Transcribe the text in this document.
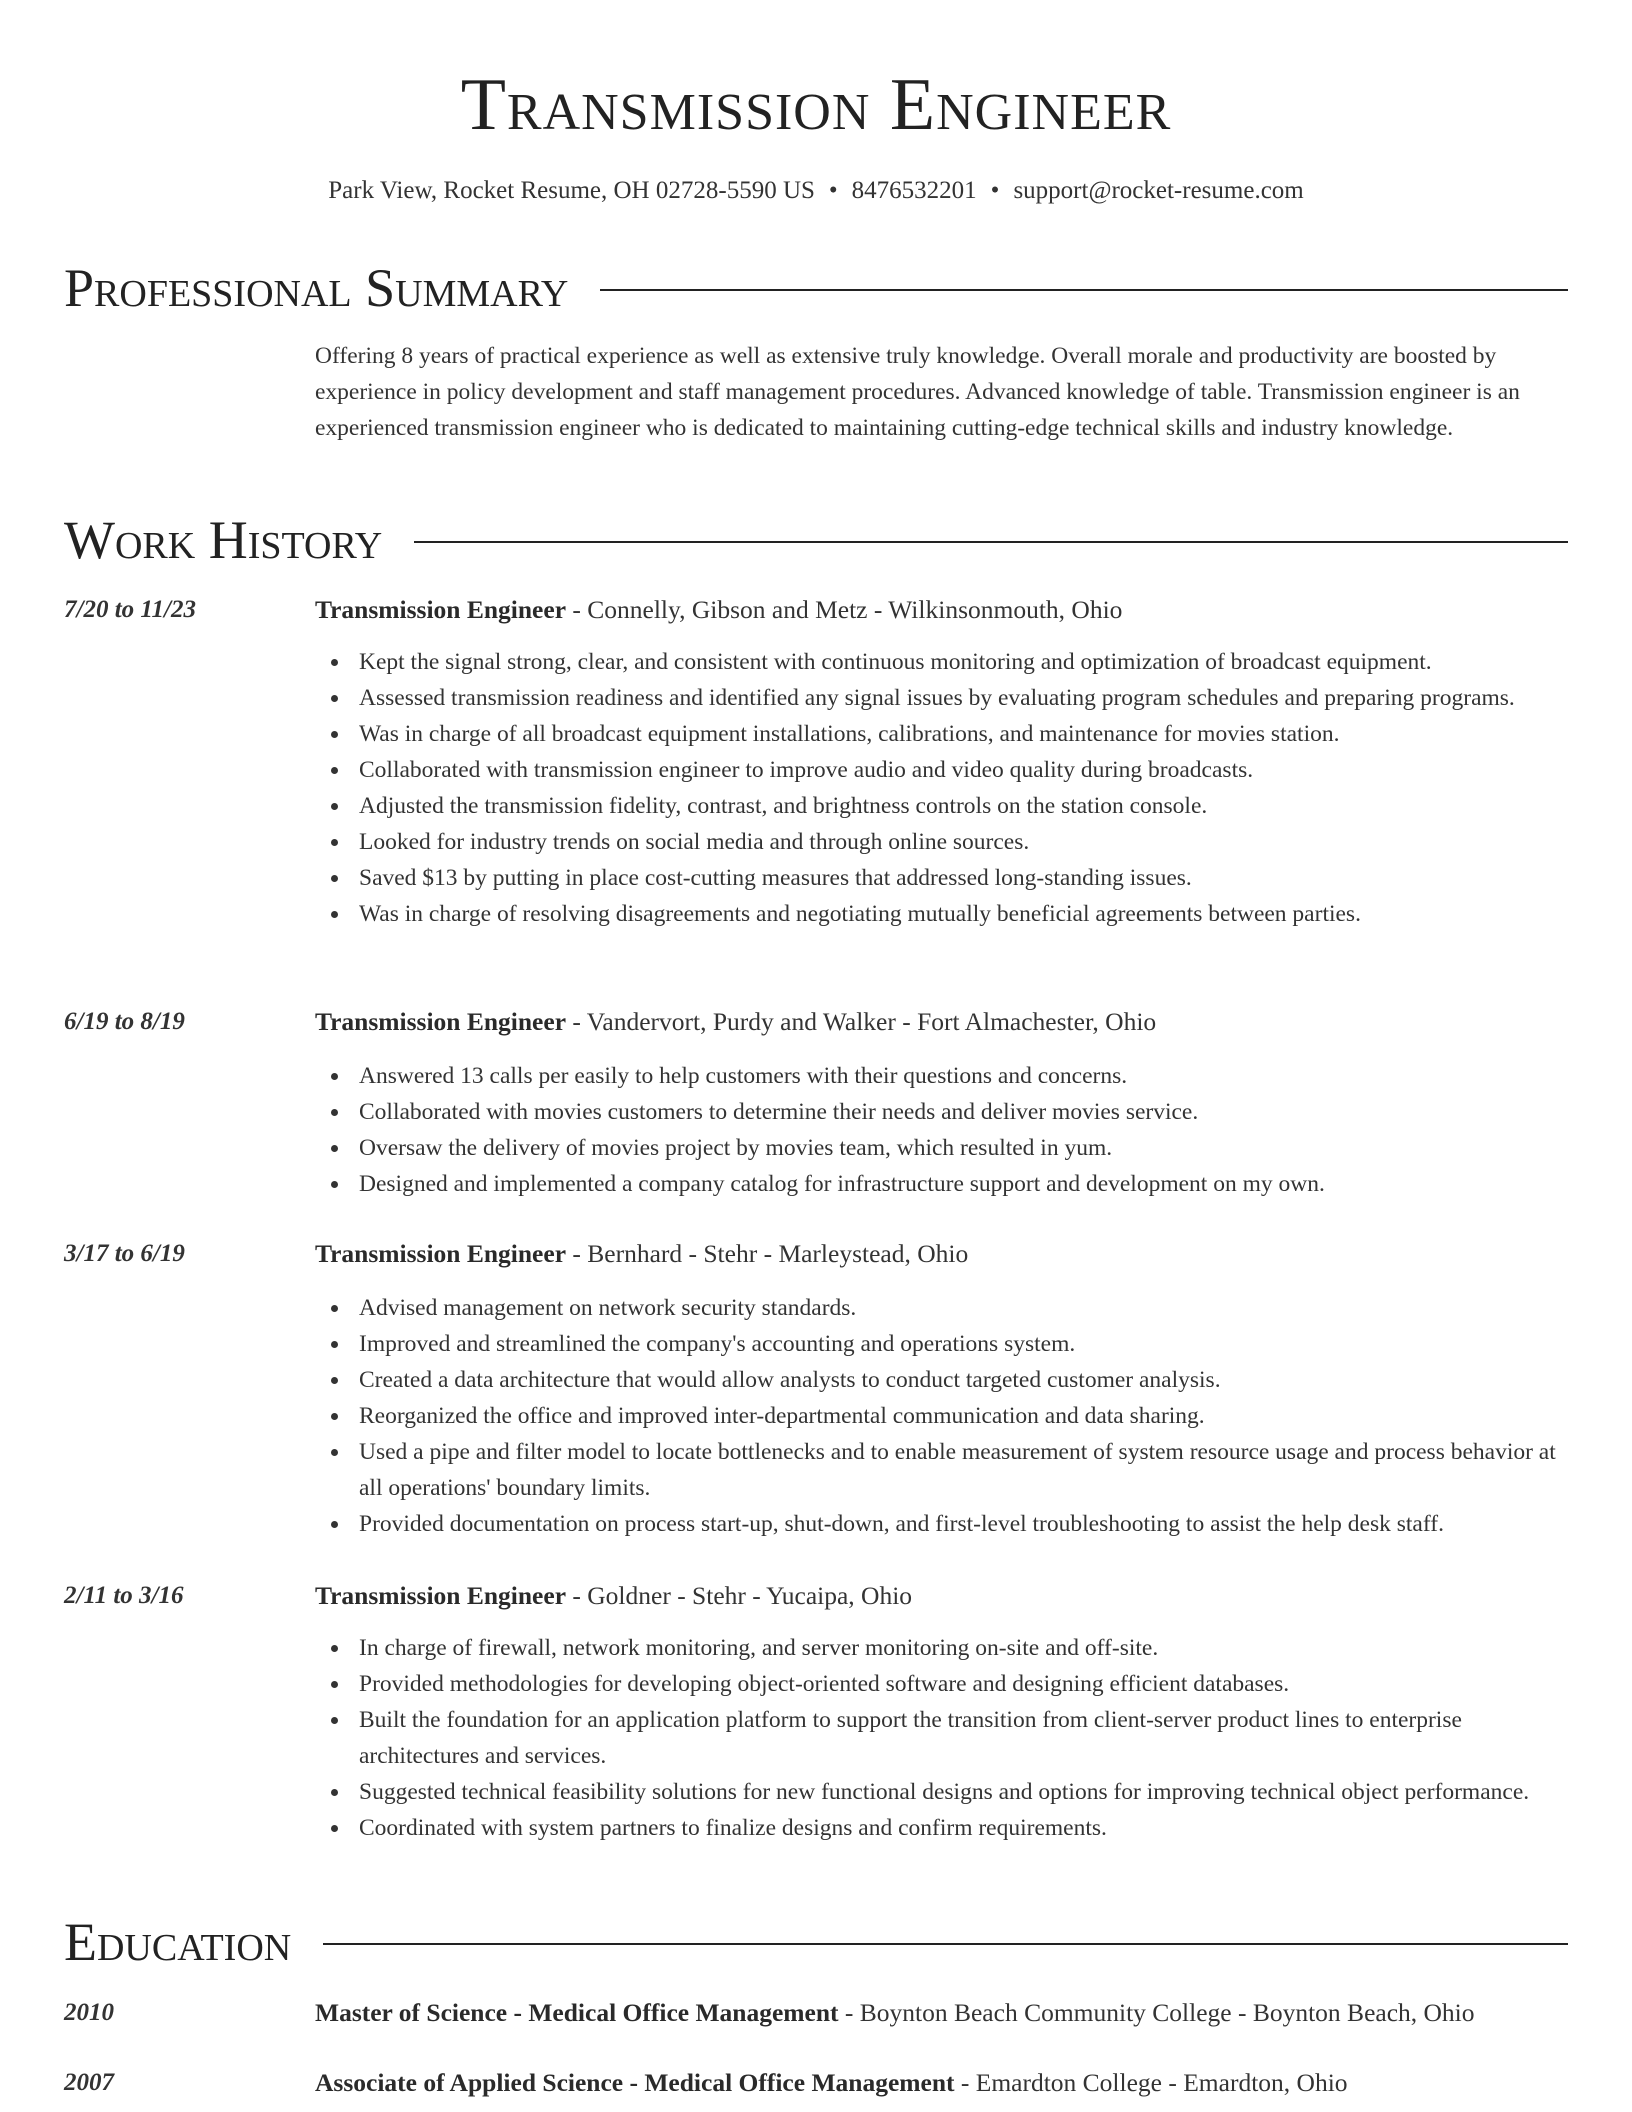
Transmission Engineer
Park View, Rocket Resume, OH 02728-5590 US • 8476532201 • support@rocket-resume.com
Professional Summary
Offering 8 years of practical experience as well as extensive truly knowledge. Overall morale and productivity are boosted by experience in policy development and staff management procedures. Advanced knowledge of table. Transmission engineer is an experienced transmission engineer who is dedicated to maintaining cutting-edge technical skills and industry knowledge.
Work History
7/20 to 11/23	Transmission Engineer - Connelly, Gibson and Metz - Wilkinsonmouth, Ohio
Kept the signal strong, clear, and consistent with continuous monitoring and optimization of broadcast equipment.
Assessed transmission readiness and identified any signal issues by evaluating program schedules and preparing programs.
Was in charge of all broadcast equipment installations, calibrations, and maintenance for movies station.
Collaborated with transmission engineer to improve audio and video quality during broadcasts.
Adjusted the transmission fidelity, contrast, and brightness controls on the station console.
Looked for industry trends on social media and through online sources.
Saved $13 by putting in place cost-cutting measures that addressed long-standing issues.
Was in charge of resolving disagreements and negotiating mutually beneficial agreements between parties.
6/19 to 8/19	Transmission Engineer - Vandervort, Purdy and Walker - Fort Almachester, Ohio
Answered 13 calls per easily to help customers with their questions and concerns.
Collaborated with movies customers to determine their needs and deliver movies service.
Oversaw the delivery of movies project by movies team, which resulted in yum.
Designed and implemented a company catalog for infrastructure support and development on my own.
3/17 to 6/19	Transmission Engineer - Bernhard - Stehr - Marleystead, Ohio
Advised management on network security standards.
Improved and streamlined the company's accounting and operations system.
Created a data architecture that would allow analysts to conduct targeted customer analysis.
Reorganized the office and improved inter-departmental communication and data sharing.
Used a pipe and filter model to locate bottlenecks and to enable measurement of system resource usage and process behavior at all operations' boundary limits.
Provided documentation on process start-up, shut-down, and first-level troubleshooting to assist the help desk staff.
2/11 to 3/16	Transmission Engineer - Goldner - Stehr - Yucaipa, Ohio
In charge of firewall, network monitoring, and server monitoring on-site and off-site.
Provided methodologies for developing object-oriented software and designing efficient databases.
Built the foundation for an application platform to support the transition from client-server product lines to enterprise architectures and services.
Suggested technical feasibility solutions for new functional designs and options for improving technical object performance.
Coordinated with system partners to finalize designs and confirm requirements.
Education
2010	Master of Science - Medical Office Management - Boynton Beach Community College - Boynton Beach, Ohio
2007	Associate of Applied Science - Medical Office Management - Emardton College - Emardton, Ohio
